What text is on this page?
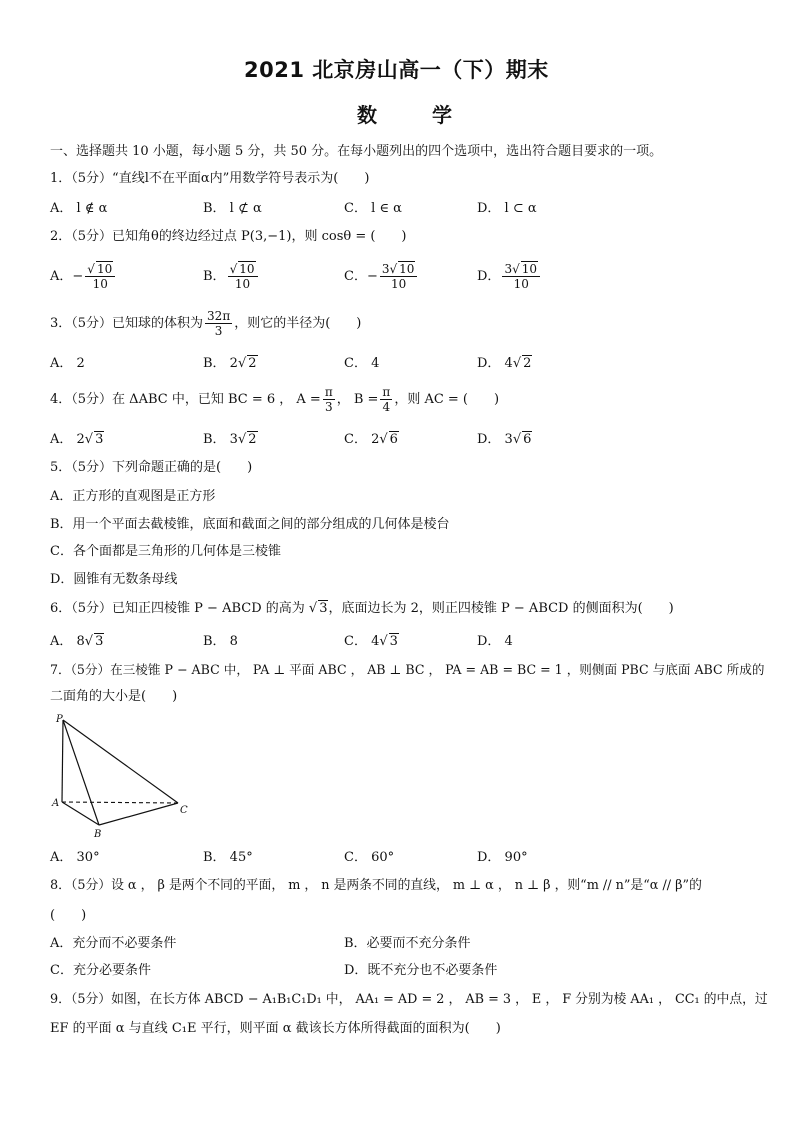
2021 北京房山高一（下）期末
数	学
一、选择题共 10 小题，每小题 5 分，共 50 分。在每小题列出的四个选项中，选出符合题目要求的一项。
1．（5分）“直线l不在平面α内”用数学符号表示为(　　)
A． l ∉ α	B． l ⊄ α	C． l ∈ α	D． l ⊂ α
2．（5分）已知角θ的终边经过点 P(3,−1)，则 cosθ = (　　)
A．− $\frac{√ 10}{10}$	B． $\frac{√ 10}{10}$	C．− $\frac{3√ 10}{10}$	D． $\frac{3√ 10}{10}$
3．（5分）已知球的体积为 $\frac{32\pi}{3}$ ，则它的半径为(　　)
A． 2	B． 2√ 2	C． 4	D． 4√ 2
4．（5分）在 ΔABC 中，已知 BC = 6 ， $A = \frac{\pi}{3}$ ， $B = \frac{\pi}{4}$ ，则 AC = (　　)
A． 2√ 3	B． 3√ 2	C． 2√ 6	D． 3√ 6
5．（5分）下列命题正确的是(　　)
A．正方形的直观图是正方形
B．用一个平面去截棱锥，底面和截面之间的部分组成的几何体是棱台
C．各个面都是三角形的几何体是三棱锥
D．圆锥有无数条母线
6．（5分）已知正四棱锥 P − ABCD 的高为 √ 3，底面边长为 2，则正四棱锥 P − ABCD 的侧面积为(　　)
A． 8√ 3	B． 8	C． 4√ 3	D． 4
7．（5分）在三棱锥 P − ABC 中， PA ⊥ 平面 ABC ， AB ⊥ BC ， PA = AB = BC = 1 ，则侧面 PBC 与底面 ABC 所成的
二面角的大小是(　　)
P
A
B
C
A． 30°	B． 45°	C． 60°	D． 90°
8．（5分）设 α ， β 是两个不同的平面， m ， n 是两条不同的直线， m ⊥ α ， n ⊥ β ，则“m // n”是“α // β”的
(　　)
A．充分而不必要条件	B．必要而不充分条件
C．充分必要条件	D．既不充分也不必要条件
9．（5分）如图，在长方体 ABCD − A₁B₁C₁D₁ 中， AA₁ = AD = 2 ， AB = 3 ， E ， F 分别为棱 AA₁ ， CC₁ 的中点，过
EF 的平面 α 与直线 C₁E 平行，则平面 α 截该长方体所得截面的面积为(　　)
